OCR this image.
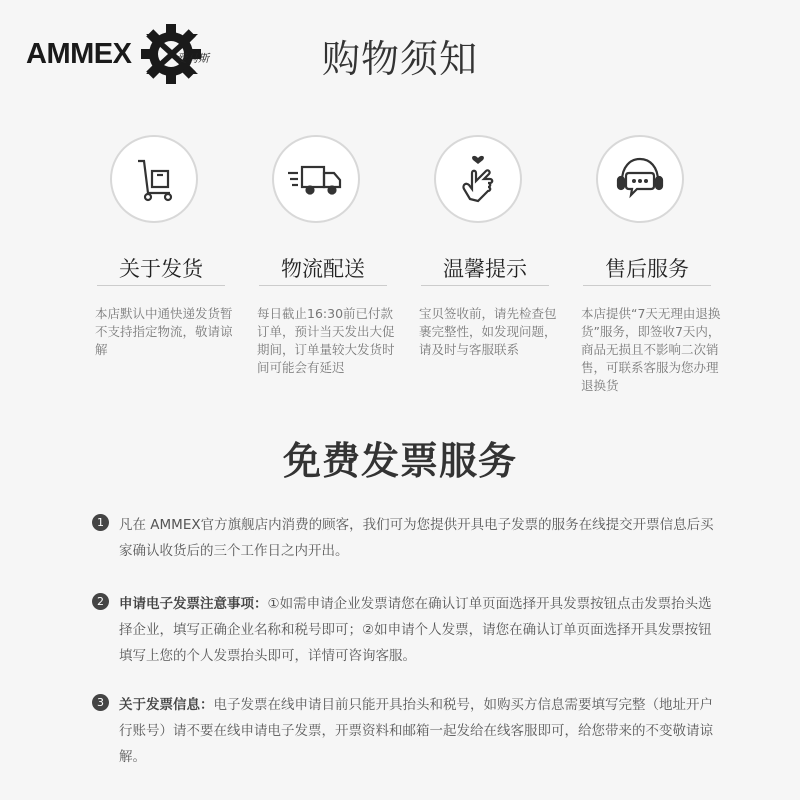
AMMEX	爱马斯	购物须知
关于发货
本店默认中通快递发货暂不支持指定物流，敬请谅解
物流配送
每日截止16:30前已付款订单，预计当天发出大促期间，订单量较大发货时间可能会有延迟
温馨提示
宝贝签收前，请先检查包裹完整性，如发现问题，请及时与客服联系
售后服务
本店提供“7天无理由退换货”服务，即签收7天内，商品无损且不影响二次销售，可联系客服为您办理退换货
免费发票服务
1	凡在 AMMEX官方旗舰店内消费的顾客，我们可为您提供开具电子发票的服务在线提交开票信息后买家确认收货后的三个工作日之内开出。
2	申请电子发票注意事项：①如需申请企业发票请您在确认订单页面选择开具发票按钮点击发票抬头选择企业，填写正确企业名称和税号即可；②如申请个人发票，请您在确认订单页面选择开具发票按钮填写上您的个人发票抬头即可，详情可咨询客服。
3	关于发票信息：电子发票在线申请目前只能开具抬头和税号，如购买方信息需要填写完整（地址开户行账号）请不要在线申请电子发票，开票资料和邮箱一起发给在线客服即可，给您带来的不变敬请谅解。
